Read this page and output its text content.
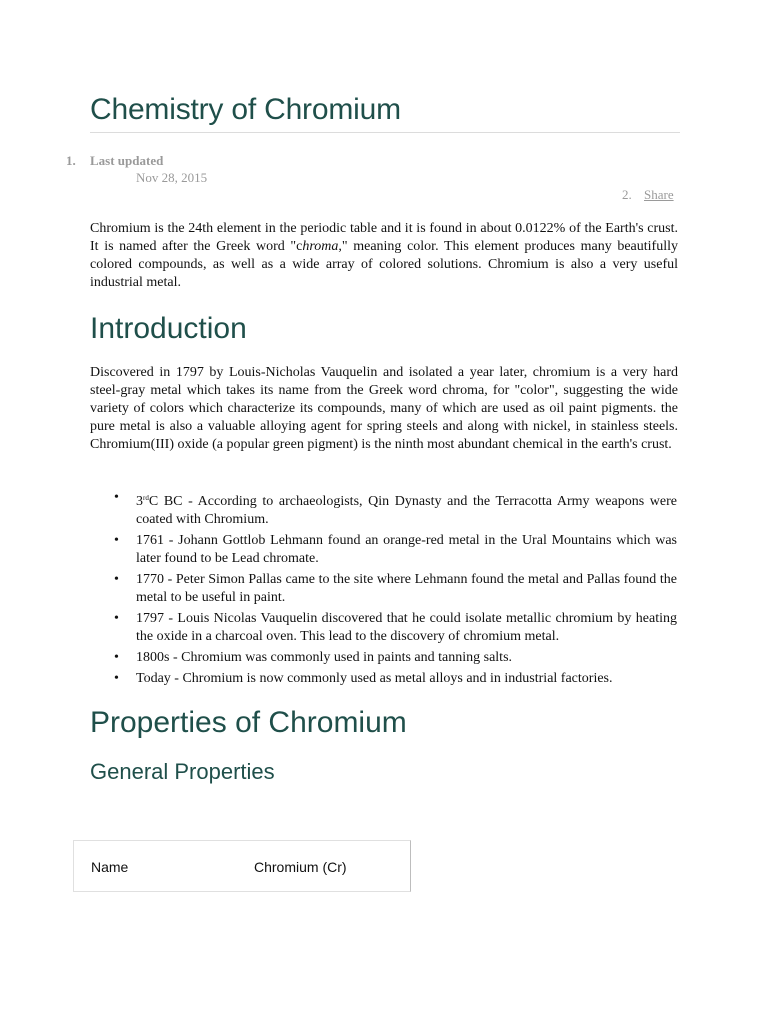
Chemistry of Chromium
1. Last updated
Nov 28, 2015
2. Share

Chromium is the 24th element in the periodic table and it is found in about 0.0122% of the Earth's crust. It is named after the Greek word "chroma," meaning color. This element produces many beautifully colored compounds, as well as a wide array of colored solutions. Chromium is also a very useful industrial metal.

Introduction

Discovered in 1797 by Louis-Nicholas Vauquelin and isolated a year later, chromium is a very hard steel-gray metal which takes its name from the Greek word chroma, for "color", suggesting the wide variety of colors which characterize its compounds, many of which are used as oil paint pigments. the pure metal is also a valuable alloying agent for spring steels and along with nickel, in stainless steels. Chromium(III) oxide (a popular green pigment) is the ninth most abundant chemical in the earth's crust.

• 3rdC BC - According to archaeologists, Qin Dynasty and the Terracotta Army weapons were coated with Chromium.
• 1761 - Johann Gottlob Lehmann found an orange-red metal in the Ural Mountains which was later found to be Lead chromate.
• 1770 - Peter Simon Pallas came to the site where Lehmann found the metal and Pallas found the metal to be useful in paint.
• 1797 - Louis Nicolas Vauquelin discovered that he could isolate metallic chromium by heating the oxide in a charcoal oven. This lead to the discovery of chromium metal.
• 1800s - Chromium was commonly used in paints and tanning salts.
• Today - Chromium is now commonly used as metal alloys and in industrial factories.
Properties of Chromium
General Properties
Name	Chromium (Cr)
